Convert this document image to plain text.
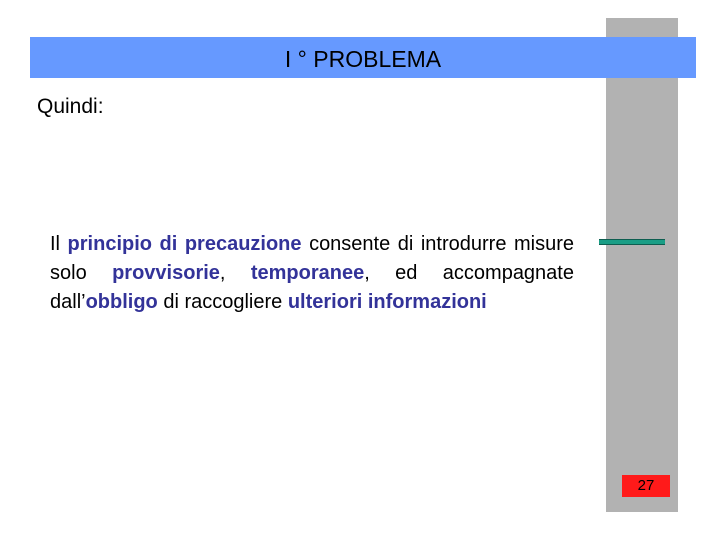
I ° PROBLEMA
Quindi:
Il principio di precauzione consente di introdurre misure solo provvisorie, temporanee, ed accompagnate dall’obbligo di raccogliere ulteriori informazioni
27
